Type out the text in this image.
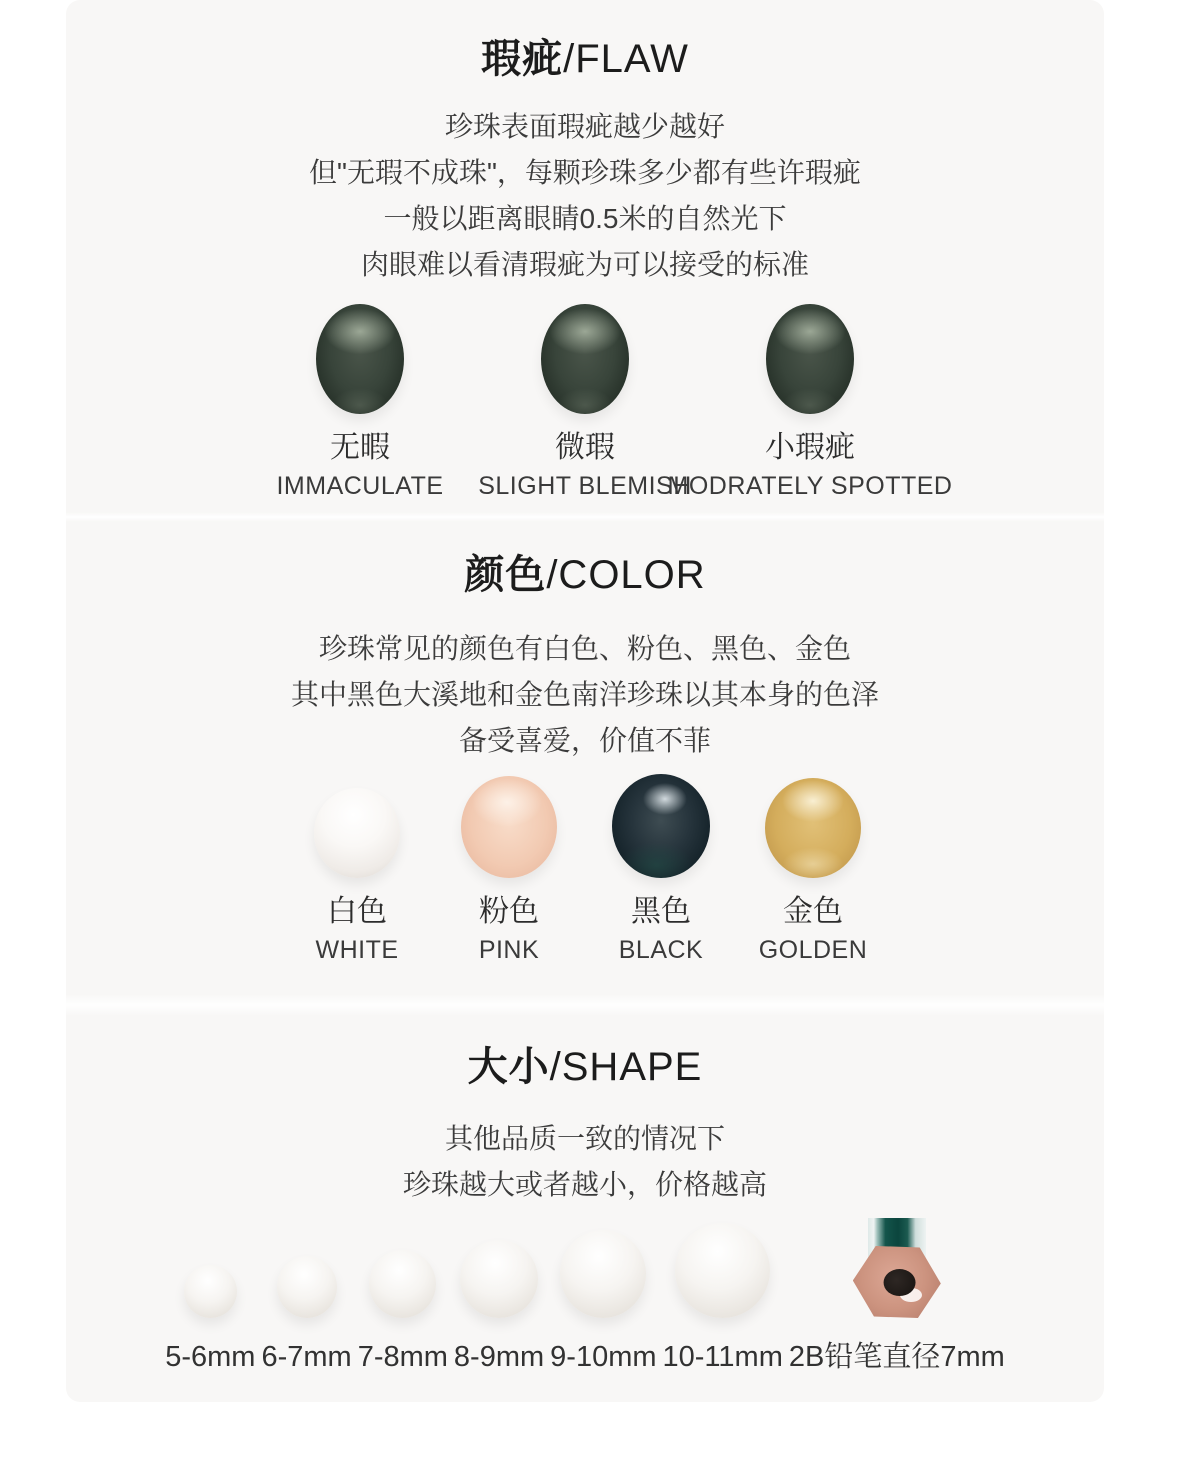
瑕疵/FLAW
珍珠表面瑕疵越少越好
但"无瑕不成珠"，每颗珍珠多少都有些许瑕疵
一般以距离眼睛0.5米的自然光下
肉眼难以看清瑕疵为可以接受的标准
无暇
IMMACULATE
微瑕
SLIGHT BLEMISH
小瑕疵
MODRATELY SPOTTED
颜色/COLOR
珍珠常见的颜色有白色、粉色、黑色、金色
其中黑色大溪地和金色南洋珍珠以其本身的色泽
备受喜爱，价值不菲
白色
WHITE
粉色
PINK
黑色
BLACK
金色
GOLDEN
大小/SHAPE
其他品质一致的情况下
珍珠越大或者越小，价格越高
5-6mm 6-7mm 7-8mm 8-9mm 9-10mm 10-11mm 2B铅笔直径7mm
